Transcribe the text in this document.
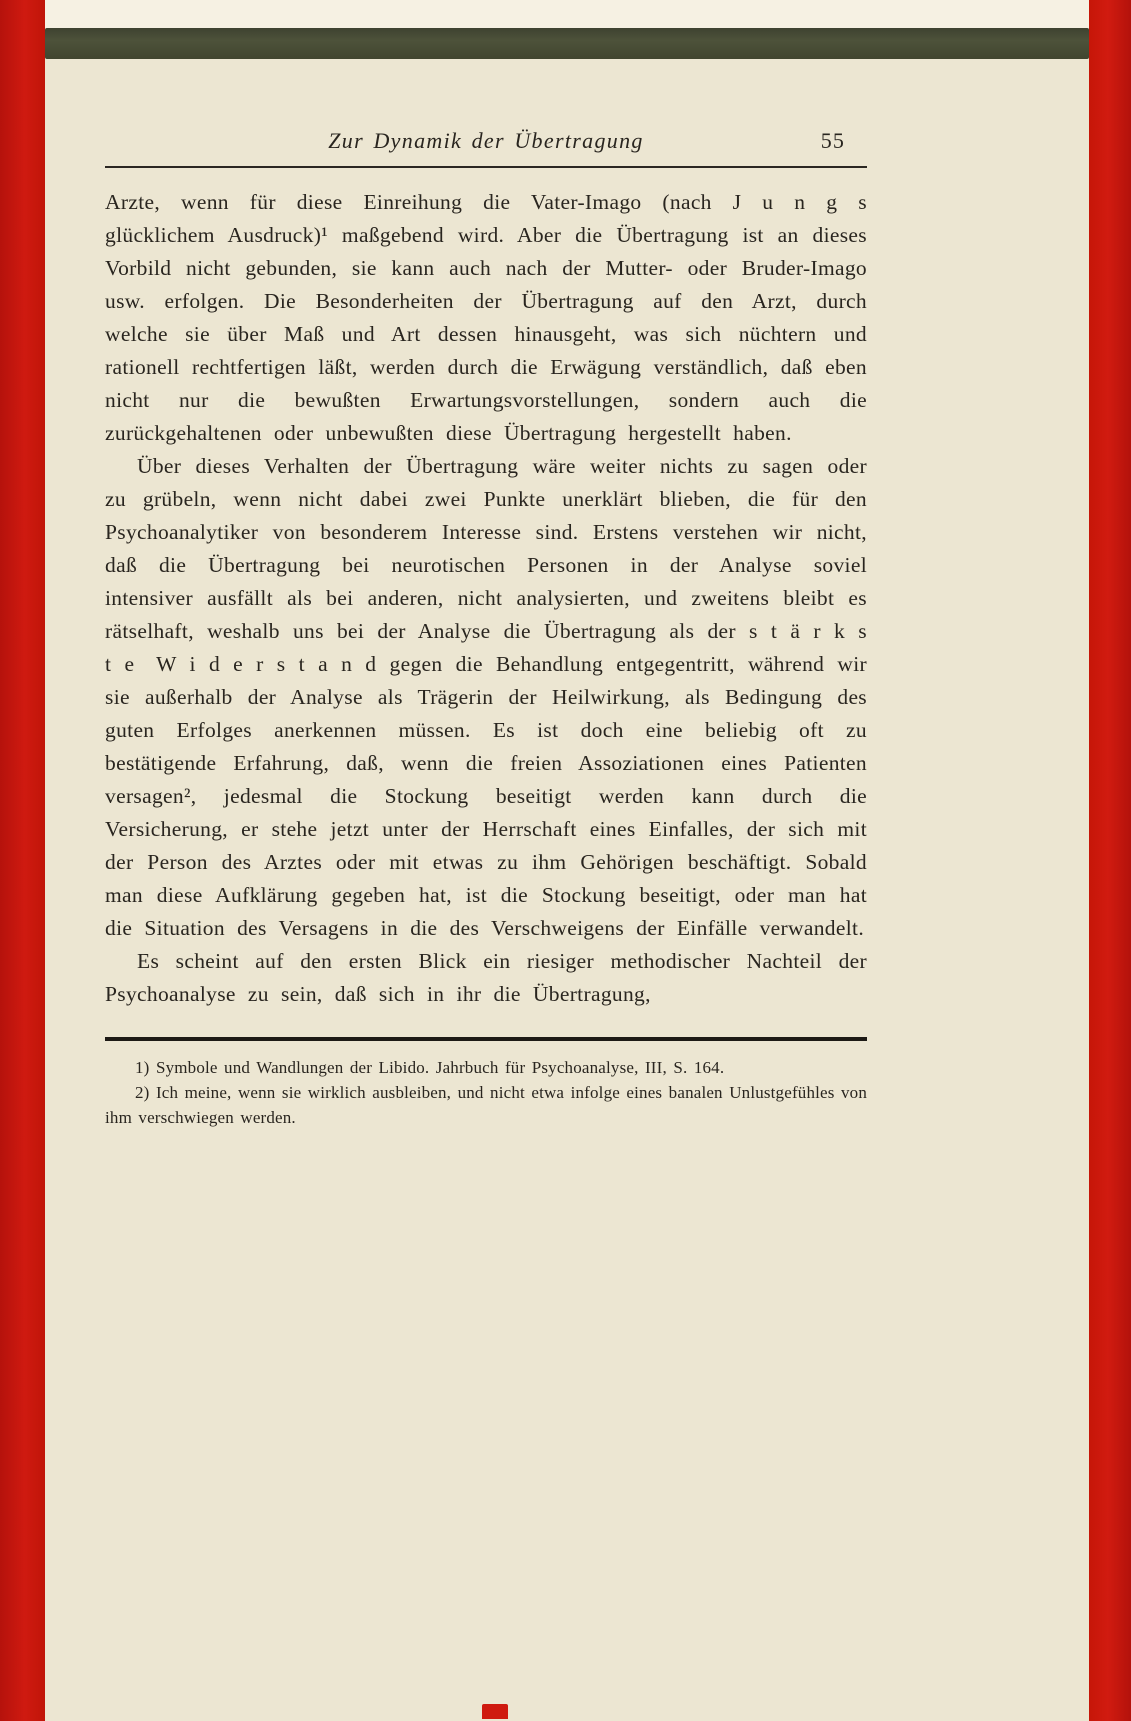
Zur Dynamik der Übertragung	55

Arzte, wenn für diese Einreihung die Vater-Imago (nach J u n g s glücklichem Ausdruck)¹ maßgebend wird. Aber die Übertragung ist an dieses Vorbild nicht gebunden, sie kann auch nach der Mutter- oder Bruder-Imago usw. erfolgen. Die Besonderheiten der Übertragung auf den Arzt, durch welche sie über Maß und Art dessen hinausgeht, was sich nüchtern und rationell rechtfertigen läßt, werden durch die Erwägung verständlich, daß eben nicht nur die bewußten Erwartungsvorstellungen, sondern auch die zurückgehaltenen oder unbewußten diese Übertragung hergestellt haben.

Über dieses Verhalten der Übertragung wäre weiter nichts zu sagen oder zu grübeln, wenn nicht dabei zwei Punkte unerklärt blieben, die für den Psychoanalytiker von besonderem Interesse sind. Erstens verstehen wir nicht, daß die Übertragung bei neurotischen Personen in der Analyse soviel intensiver ausfällt als bei anderen, nicht analysierten, und zweitens bleibt es rätselhaft, weshalb uns bei der Analyse die Übertragung als der s t ä r k s t e W i d e r s t a n d gegen die Behandlung entgegentritt, während wir sie außerhalb der Analyse als Trägerin der Heilwirkung, als Bedingung des guten Erfolges anerkennen müssen. Es ist doch eine beliebig oft zu bestätigende Erfahrung, daß, wenn die freien Assoziationen eines Patienten versagen², jedesmal die Stockung beseitigt werden kann durch die Versicherung, er stehe jetzt unter der Herrschaft eines Einfalles, der sich mit der Person des Arztes oder mit etwas zu ihm Gehörigen beschäftigt. Sobald man diese Aufklärung gegeben hat, ist die Stockung beseitigt, oder man hat die Situation des Versagens in die des Verschweigens der Einfälle verwandelt.

Es scheint auf den ersten Blick ein riesiger methodischer Nachteil der Psychoanalyse zu sein, daß sich in ihr die Übertragung,

1) Symbole und Wandlungen der Libido. Jahrbuch für Psychoanalyse, III, S. 164.

2) Ich meine, wenn sie wirklich ausbleiben, und nicht etwa infolge eines banalen Unlustgefühles von ihm verschwiegen werden.
